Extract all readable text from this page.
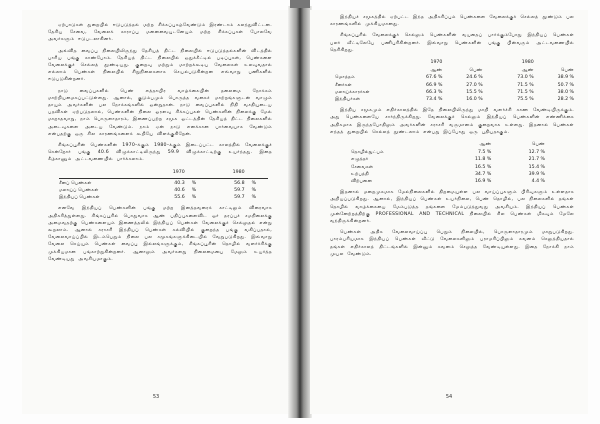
ஏற்பாடுகள் துறையில் ஈடுபடுத்தல் மற்ற சிக்கப்புகழ்வேண்டும் இரண்டாம் கலந்துவிட்டன. தேசிய சேவை, வேலைக் காராப்பு மனைவையுடனேயும் மற்ற சிக்கப்புகள் போலவே அவர்களும் ஈடுபடலாகினர்.

அவ்வித வைப்பு நிலையிலிருந்து தேசியத் திட்ட நிலையில் ஈடுபடுத்தல்களின் விடத்தில் பாரிய பங்கு காண்போம். தேசியத் திட்ட நிலையில் ஒதுக்கீட்டில் படிப்புகள், பெண்களை வேலைக்குச் செல்லத் தூண்டியது. குறைவு மற்றும் மாற்றக்கூடிய வேலைகள் உலவுவதால் எல்லாம் பெண்கள் நிலையில் சிறுநிலைகளாக செயல்படுகின்றன எவ்வாறு பணிகளில் ஈடுபடுகின்றனர்.

நாடு வைப்புகளில் பெண் எத்தாயிர வாழ்க்கையின் தலைமை நோக்கம் மாற்றியமைகப்பட்டுள்ளது. ஆனால், குடும்பமும் பொருத்த வகைச் மாற்றங்களுடன் வாழும் தாயும் அவர்களின் பல நோக்கங்களில் ஒன்றுதான். நாடு வைப்புகளில் நிதி வசதியுடைய பதவிகள் ஏற்படுதலால், பெண்களின் நிலை ஓரளவு சிக்கப்புகள் பெண்களின் நிலைக்கு மேல் மாறாதவாறு, நாம் பொருளாதாரம், இணைப்பற்ற சமூக ஓட்டத்தின் தேசியத் திட்ட நிலைகளில் அடைவுகளை அடைய வேண்டும். நாம் ஏன் நாடு எனக்கான பார்வையாக வேண்டும் என்பதற்கு ஒரு சில காரணங்களைக் கூறியே விளக்குகிறேன்.

சிங்கப்பூரின் பெண்களின் 1970–க்கும் 1980–க்கும் இடைப்பட்ட காலத்தில் வேலைக்குச் சென்றோர் பங்கு 40.6 விழுக்காட்டிலிருந்து 59.9 விழுக்காட்டிற்கு உயர்ந்தது. இதை கீழ்காணும் அட்டவணையில் பார்க்கலாம்.

	1970		1980	

சீனப் பெண்கள்	40.3	%	56.8	%
மலாய்ப் பெண்கள்	40.6	%	59.7	%
இந்தியப் பெண்கள்	55.6	%	59.7	%

எனவே இந்தியப் பெண்களின் பங்கு மற்ற இனத்தவரைக் காட்டிலும் விரைவாக அதிகரித்துள்ளது. சிங்கப்பூரில் பொதுவாக ஆண் பதிப்புகளைவிட ஓர் தரப்புச் சமநிலைக்கு அமைவதற்கு பெண்களையும் இணைத்தலில் இந்தியப் பெண்கள் வேலைக்குச் செல்லுதல் என்று கூறலாம். ஆனால் சராசரி இந்தியப் பெண்கள் கல்வியில் குறைந்த பங்கு வகிப்பதால், வேலைவாய்ப்பில் இடம்பெறும் நிலை பல சமூகங்களுக்கிடையில் வேறுபடுகிறது. இவ்வாறு வேலை செய்யும் பெண்கள் வைப்பு இல்லங்களுக்கும், சிங்கப்பூரின் தொழில் வளர்ச்சிக்கு முக்கியமான பங்காற்றுகின்றனர். ஆனாலும் அவர்களது நிலைமையை மேலும் உயர்த்த வேண்டியது அவசியமாகும்.

53

இந்தியச் சமூகத்தில் ஏற்பட்ட இந்த அதிகரிப்பும் பெண்களை வேலைக்குச் செல்லத் தூண்டும் பல காரணங்களில் முக்கியமானது.

சிங்கப்பூரில் வேலைக்குச் செல்லும் பெண்களின் வயதைப் பார்க்கும்போது இந்தியப் பெண்கள் பலர் வீட்டிலேயே பணிபுரிகின்றனர். இவ்வாறு பெண்களின் பங்கு பின்வரும் அட்டவணையில் தெரிகிறது.

	1970			1980	
	ஆண்	பெண்		ஆண்	பெண்
மொத்தம்	67.6 %	24.6 %		73.0 %	38.9 %
சீனர்கள்	66.9 %	27.0 %		71.5 %	50.7 %
மலாய்க்காரர்கள்	66.3 %	15.5 %		71.5 %	38.0 %
இந்தியர்கள்	73.4 %	16.0 %		75.5 %	28.2 %

இந்திய சமூகமும் எதிர்காலத்தில் இதே நிலையிலிருந்து மாறி வளர்ச்சி காண வேண்டியிருக்கும். அது பெண்களையே சார்ந்திருக்கிறது. வேலைக்குச் செல்லும் இந்தியப் பெண்களின் எண்ணிக்கை அதிகமாக இருந்தபோதிலும் அவர்களின் சராசரி வருமானம் குறைவாக உள்ளது. இதனால் பெண்கள் எந்தத் துறையில் செல்லத் தூண்டலாம் என்பது இப்போது ஒரு புதியதாகும்.

	ஆண்	பெண்
தொழில்நுட்பம்	7.5 %	12.7 %
எழுத்தர்	11.8 %	21.7 %
சேவைகள்	16.5 %	15.4 %
உற்பத்தி	34.7 %	39.9 %
விற்பனை	16.9 %	4.4 %

இதனால் மறைமுகமாக மேல்நிலைகளில் திறமையுள்ள பல வாய்ப்புகளும் பிரிவுகளும் உள்ளதாக அறியப்படுகிறது. ஆனால், இந்தியப் பெண்கள் உயர்நிலை, பெண் தொழில், பல நிலைகளில் தங்கள் தொழில் வாழ்க்கையை மேம்படுத்த தங்களை மேம்படுத்துவது அவசியம். இந்தியப் பெண்கள் முன்னேற்றத்திற்கு PROFESSIONAL AND TECHNICAL நிலையில் சில பெண்கள் மிகவும் மேலே வந்திருக்கின்றனர்.

பெண்கள் அதிக வேலைவாய்ப்பு பெறும் நிலையில், பொருளாதாரமும் மாறுபடுகிறது. பாரம்பரியமாக இந்தியப் பெண்கள் வீட்டு வேலைகளிலும் பராமரிப்பிலும் கவனம் செலுத்தியதால் தங்கள் எதிர்காலத் திட்டங்களில் இன்னும் கவனம் செலுத்த வேண்டியுள்ளது. இதை நோக்கி நாம் முயல வேண்டும்.

54
